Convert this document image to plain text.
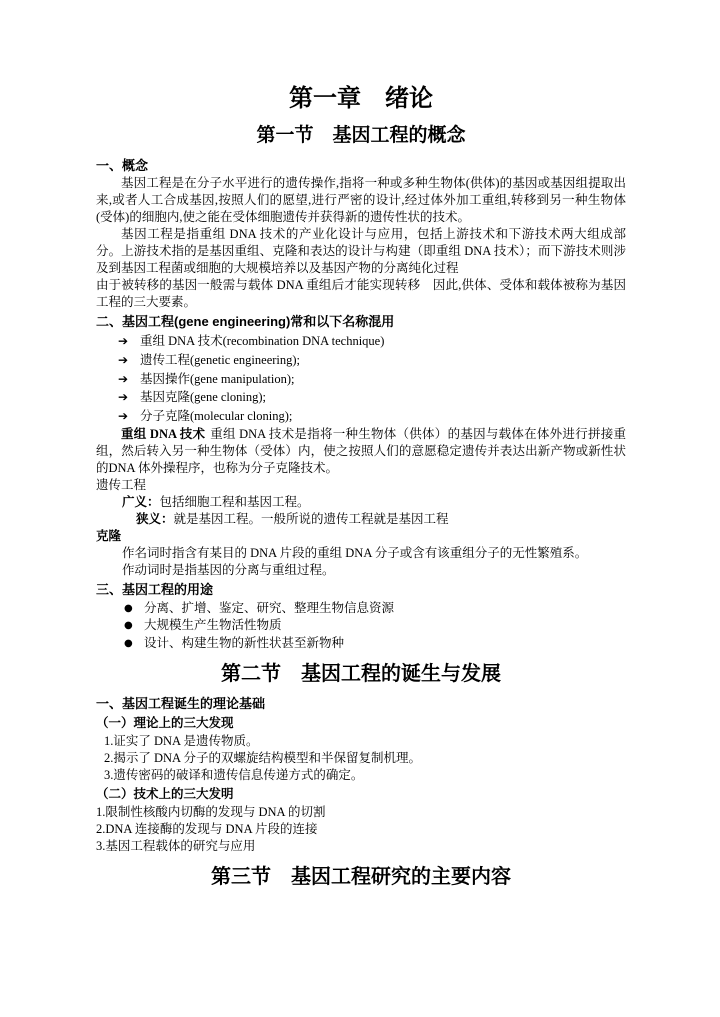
第一章　绪论
第一节　基因工程的概念
一、概念

基因工程是在分子水平进行的遗传操作,指将一种或多种生物体(供体)的基因或基因组提取出来,或者人工合成基因,按照人们的愿望,进行严密的设计,经过体外加工重组,转移到另一种生物体(受体)的细胞内,使之能在受体细胞遗传并获得新的遗传性状的技术。

基因工程是指重组 DNA 技术的产业化设计与应用，包括上游技术和下游技术两大组成部分。上游技术指的是基因重组、克隆和表达的设计与构建（即重组 DNA 技术）；而下游技术则涉及到基因工程菌或细胞的大规模培养以及基因产物的分离纯化过程

由于被转移的基因一般需与载体 DNA 重组后才能实现转移　因此,供体、受体和载体被称为基因工程的三大要素。

二、基因工程(gene engineering)常和以下名称混用
➔ 重组 DNA 技术(recombination DNA technique)
➔ 遗传工程(genetic engineering);
➔ 基因操作(gene manipulation);
➔ 基因克隆(gene cloning);
➔ 分子克隆(molecular cloning);

重组 DNA 技术 重组 DNA 技术是指将一种生物体（供体）的基因与载体在体外进行拼接重组，然后转入另一种生物体（受体）内，使之按照人们的意愿稳定遗传并表达出新产物或新性状的DNA 体外操程序，也称为分子克隆技术。

遗传工程
广义：包括细胞工程和基因工程。
狭义：就是基因工程。一般所说的遗传工程就是基因工程
克隆

作名词时指含有某目的 DNA 片段的重组 DNA 分子或含有该重组分子的无性繁殖系。

作动词时是指基因的分离与重组过程。

三、基因工程的用途
● 分离、扩增、鉴定、研究、整理生物信息资源
● 大规模生产生物活性物质
● 设计、构建生物的新性状甚至新物种
第二节　基因工程的诞生与发展
一、基因工程诞生的理论基础
（一）理论上的三大发现

1.证实了 DNA 是遗传物质。

2.揭示了 DNA 分子的双螺旋结构模型和半保留复制机理。

3.遗传密码的破译和遗传信息传递方式的确定。

（二）技术上的三大发明

1.限制性核酸内切酶的发现与 DNA 的切割

2.DNA 连接酶的发现与 DNA 片段的连接

3.基因工程载体的研究与应用

第三节　基因工程研究的主要内容
